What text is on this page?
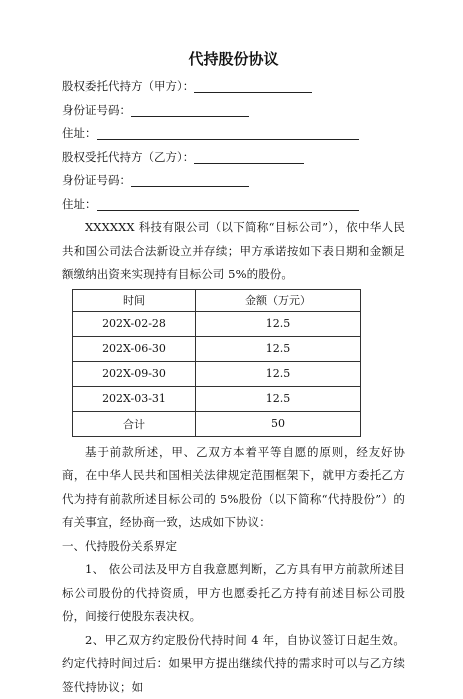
代持股份协议
股权委托代持方（甲方）：
身份证号码：
住址：
股权受托代持方（乙方）：
身份证号码：
住址：

XXXXXX 科技有限公司（以下简称“目标公司”），依中华人民共和国公司法合法新设立并存续；甲方承诺按如下表日期和金额足额缴纳出资来实现持有目标公司 5%的股份。

时间	金额（万元）
202X-02-28	12.5
202X-06-30	12.5
202X-09-30	12.5
202X-03-31	12.5
合计	50

基于前款所述，甲、乙双方本着平等自愿的原则，经友好协商，在中华人民共和国相关法律规定范围框架下，就甲方委托乙方代为持有前款所述目标公司的 5%股份（以下简称“代持股份”）的有关事宜，经协商一致，达成如下协议：

一、代持股份关系界定

1、 依公司法及甲方自我意愿判断，乙方具有甲方前款所述目标公司股份的代持资质，甲方也愿委托乙方持有前述目标公司股份，间接行使股东表决权。

2、甲乙双方约定股份代持时间 4 年，自协议签订日起生效。约定代持时间过后：如果甲方提出继续代持的需求时可以与乙方续签代持协议；如
